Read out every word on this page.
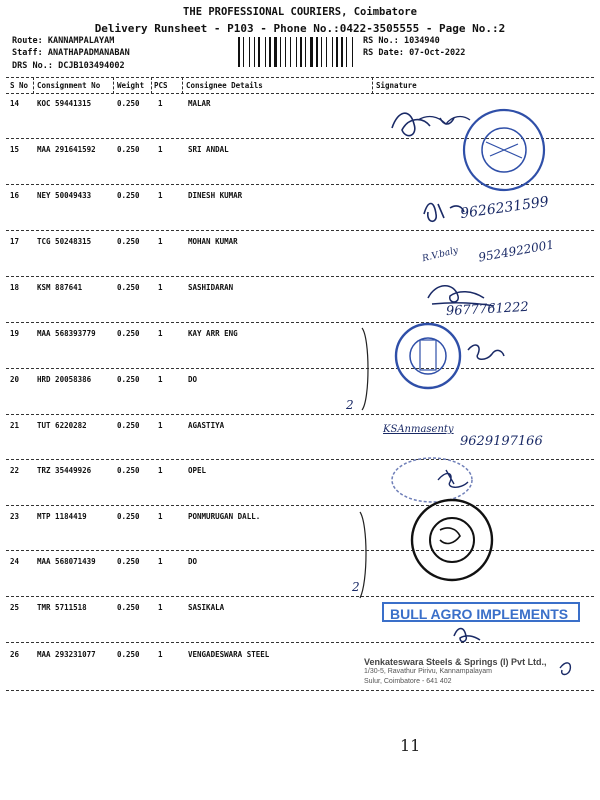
THE PROFESSIONAL COURIERS, Coimbatore
Delivery Runsheet - P103 - Phone No.:0422-3505555 - Page No.:2
Route: KANNAMPALAYAM
Staff: ANATHAPADMANABAN
DRS No.: DCJB103494002
RS No.: 1034940
RS Date: 07-Oct-2022
S No Consignment No Weight PCS Consignee Details	Signature
14 KOC 59441315	0.250 1	MALAR
15 MAA 291641592	0.250 1	SRI ANDAL
16 NEY 50049433	0.250 1	DINESH KUMAR
17 TCG 50248315	0.250 1	MOHAN KUMAR
18 KSM 887641	0.250 1	SASHIDARAN
19 MAA 568393779	0.250 1	KAY ARR ENG
20 HRD 20058386	0.250 1	DO
21 TUT 6220282	0.250 1	AGASTIYA
22 TRZ 35449926	0.250 1	OPEL
23 MTP 1184419	0.250 1	PONMURUGAN DALL.
24 MAA 568071439	0.250 1	DO
25 TMR 5711518	0.250 1	SASIKALA
26 MAA 293231077	0.250 1	VENGADESWARA STEEL
9626231599
R.V.baly 9524922001
9677761222
2
KSAnmasenty
9629197166
2
BULL AGRO IMPLEMENTS
Venkateswara Steels & Springs (I) Pvt Ltd.,
1/30-5, Ravathur Pirivu, Kannampalayam
Sulur, Coimbatore - 641 402
11
